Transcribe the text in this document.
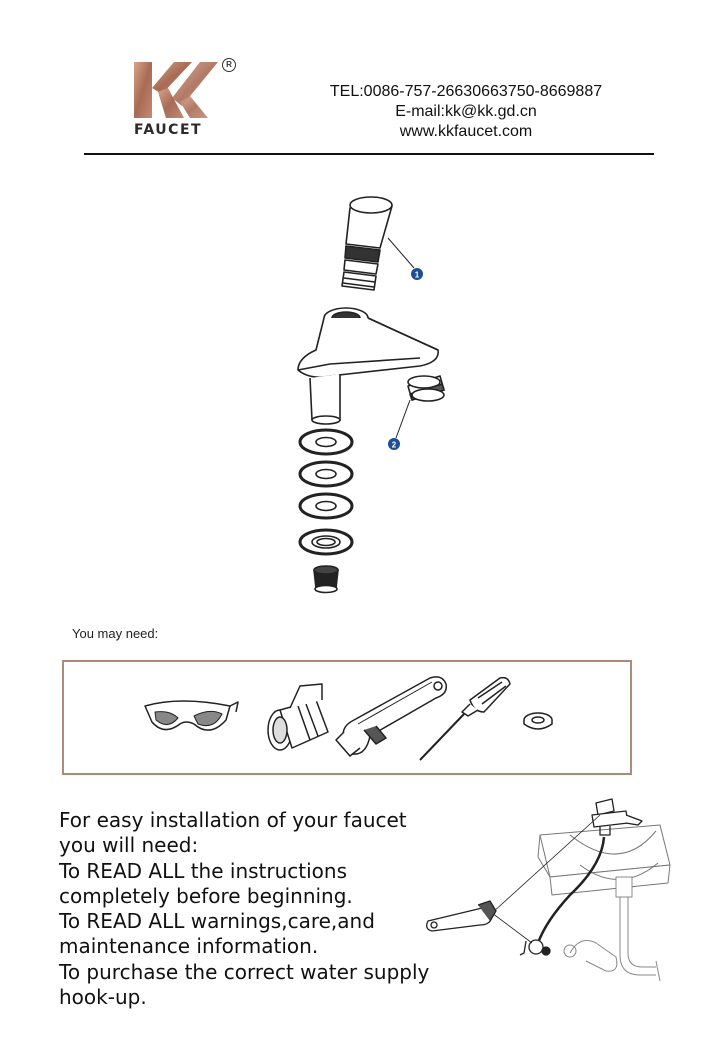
FAUCET
R
TEL:0086-757-26630663750-8669887
E-mail:kk@kk.gd.cn
www.kkfaucet.com
1
2
You may need:
For easy installation of your faucet
you will need:
To READ ALL the instructions
completely before beginning.
To READ ALL warnings,care,and
maintenance information.
To purchase the correct water supply
hook-up.
